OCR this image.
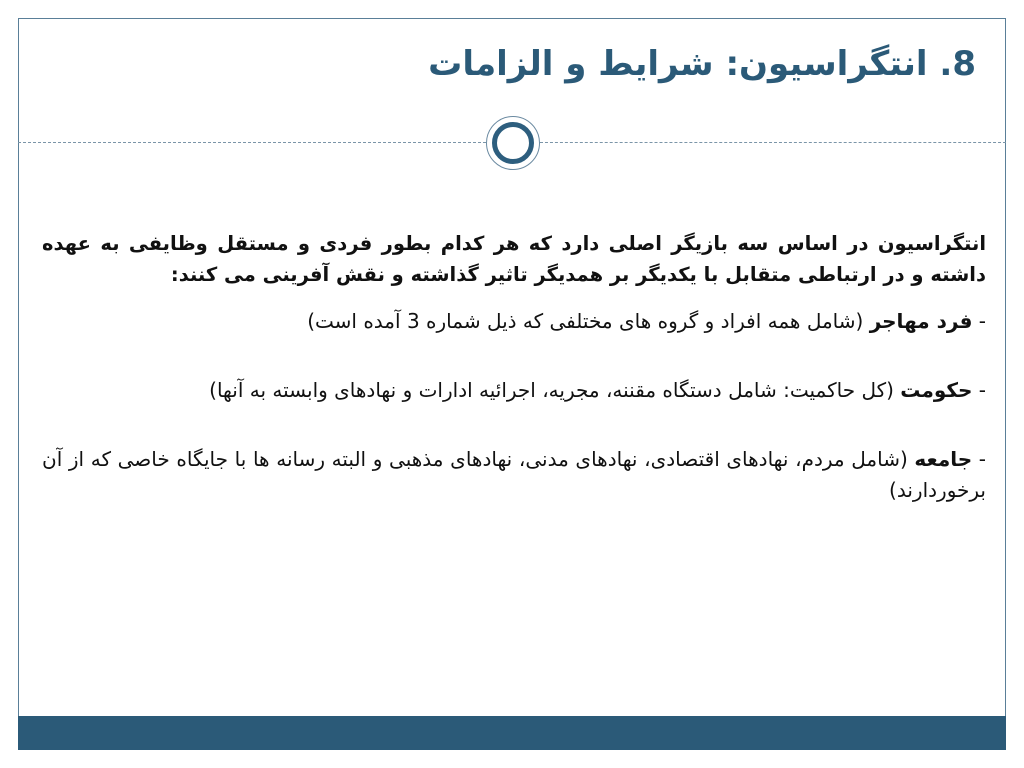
8. انتگراسیون: شرایط و الزامات

انتگراسیون در اساس سه بازیگر اصلی دارد که هر کدام بطور فردی و مستقل وظایفی به عهده داشته و در ارتباطی متقابل با یکدیگر بر همدیگر تاثیر گذاشته و نقش آفرینی می کنند:

- فرد مهاجر (شامل همه افراد و گروه های مختلفی که ذیل شماره 3 آمده است)

- حکومت (کل حاکمیت: شامل دستگاه مقننه، مجریه، اجرائیه ادارات و نهادهای وابسته به آنها)

- جامعه (شامل مردم، نهادهای اقتصادی، نهادهای مدنی، نهادهای مذهبی و البته رسانه ها با جایگاه خاصی که از آن برخوردارند)
